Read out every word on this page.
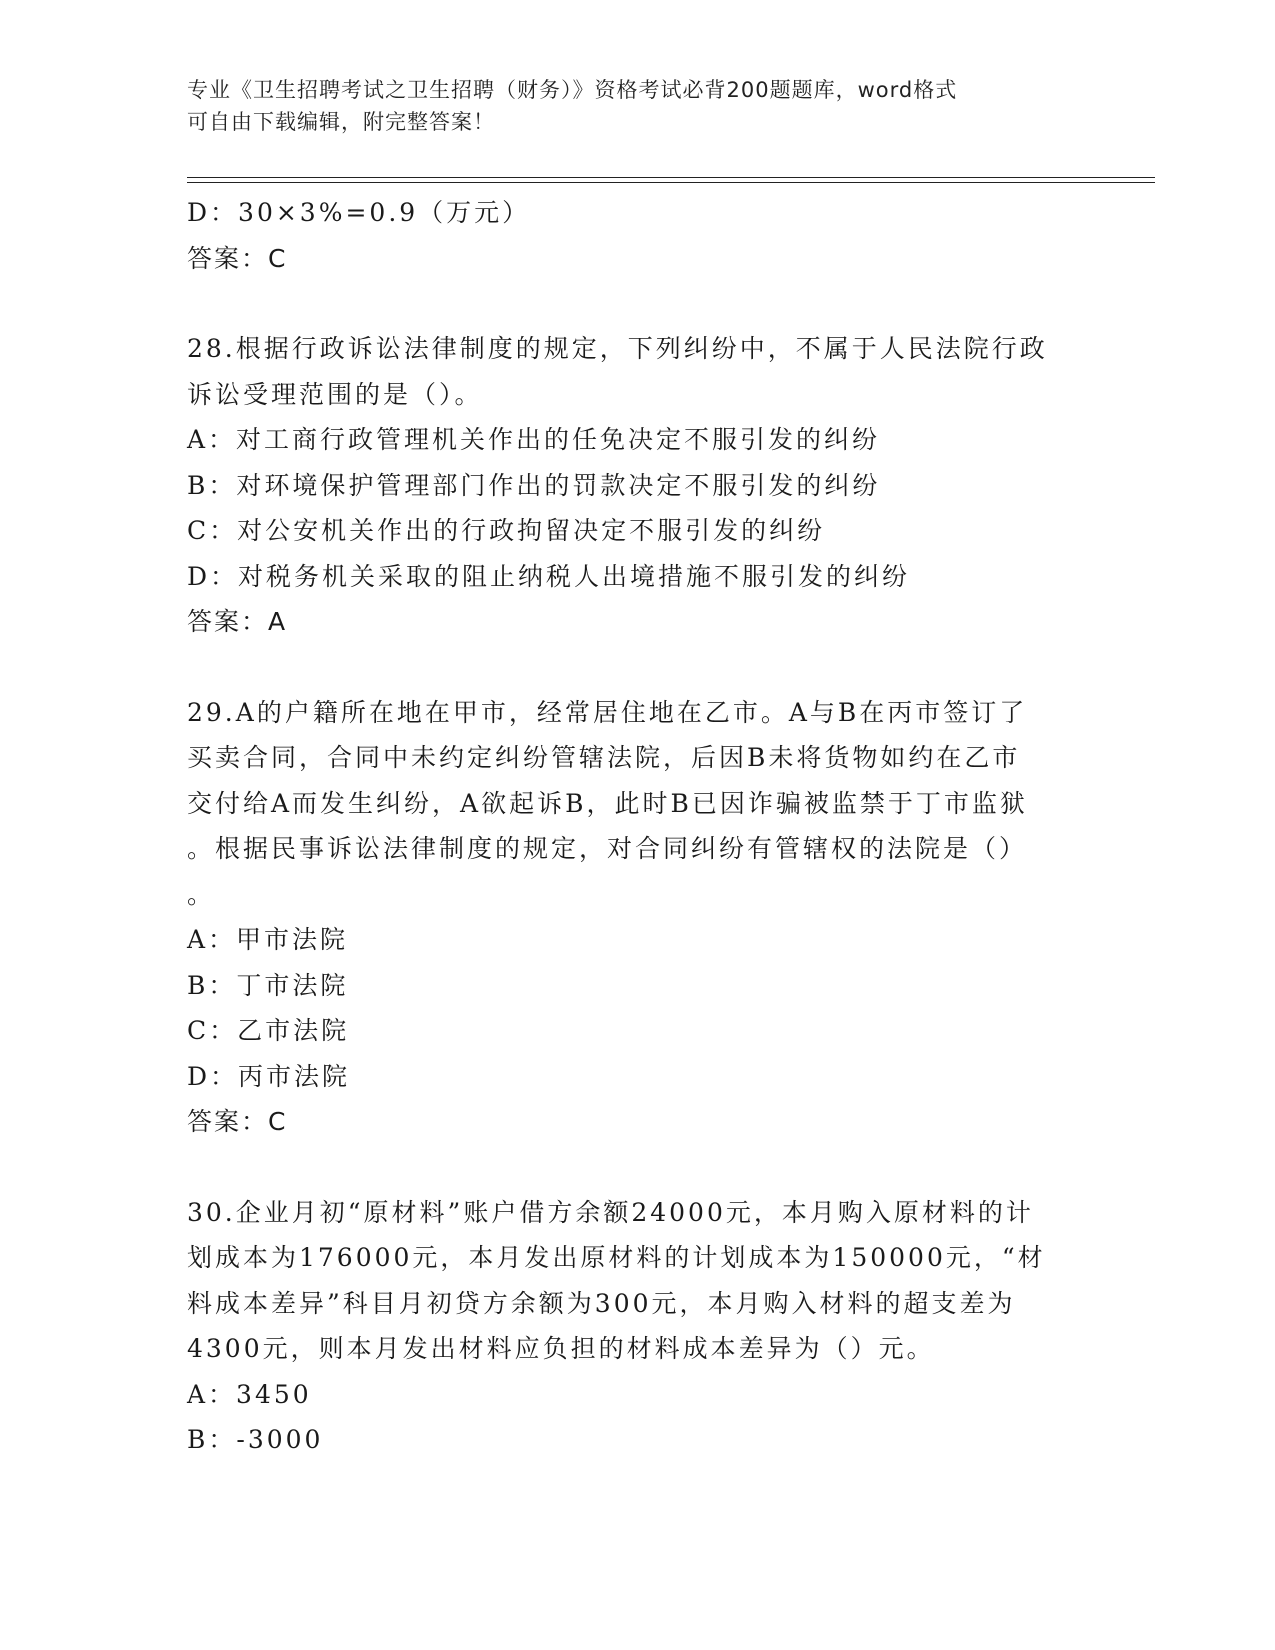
专业《卫生招聘考试之卫生招聘（财务）》资格考试必背200题题库，word格式
可自由下载编辑，附完整答案！
D：30×3%=0.9（万元）
答案：C
28.根据行政诉讼法律制度的规定，下列纠纷中，不属于人民法院行政
诉讼受理范围的是（）。
A：对工商行政管理机关作出的任免决定不服引发的纠纷
B：对环境保护管理部门作出的罚款决定不服引发的纠纷
C：对公安机关作出的行政拘留决定不服引发的纠纷
D：对税务机关采取的阻止纳税人出境措施不服引发的纠纷
答案：A
29.A的户籍所在地在甲市，经常居住地在乙市。A与B在丙市签订了
买卖合同，合同中未约定纠纷管辖法院，后因B未将货物如约在乙市
交付给A而发生纠纷，A欲起诉B，此时B已因诈骗被监禁于丁市监狱
。根据民事诉讼法律制度的规定，对合同纠纷有管辖权的法院是（）
。
A：甲市法院
B：丁市法院
C：乙市法院
D：丙市法院
答案：C
30.企业月初“原材料”账户借方余额24000元，本月购入原材料的计
划成本为176000元，本月发出原材料的计划成本为150000元，“材
料成本差异”科目月初贷方余额为300元，本月购入材料的超支差为
4300元，则本月发出材料应负担的材料成本差异为（）元。
A：3450
B：-3000
